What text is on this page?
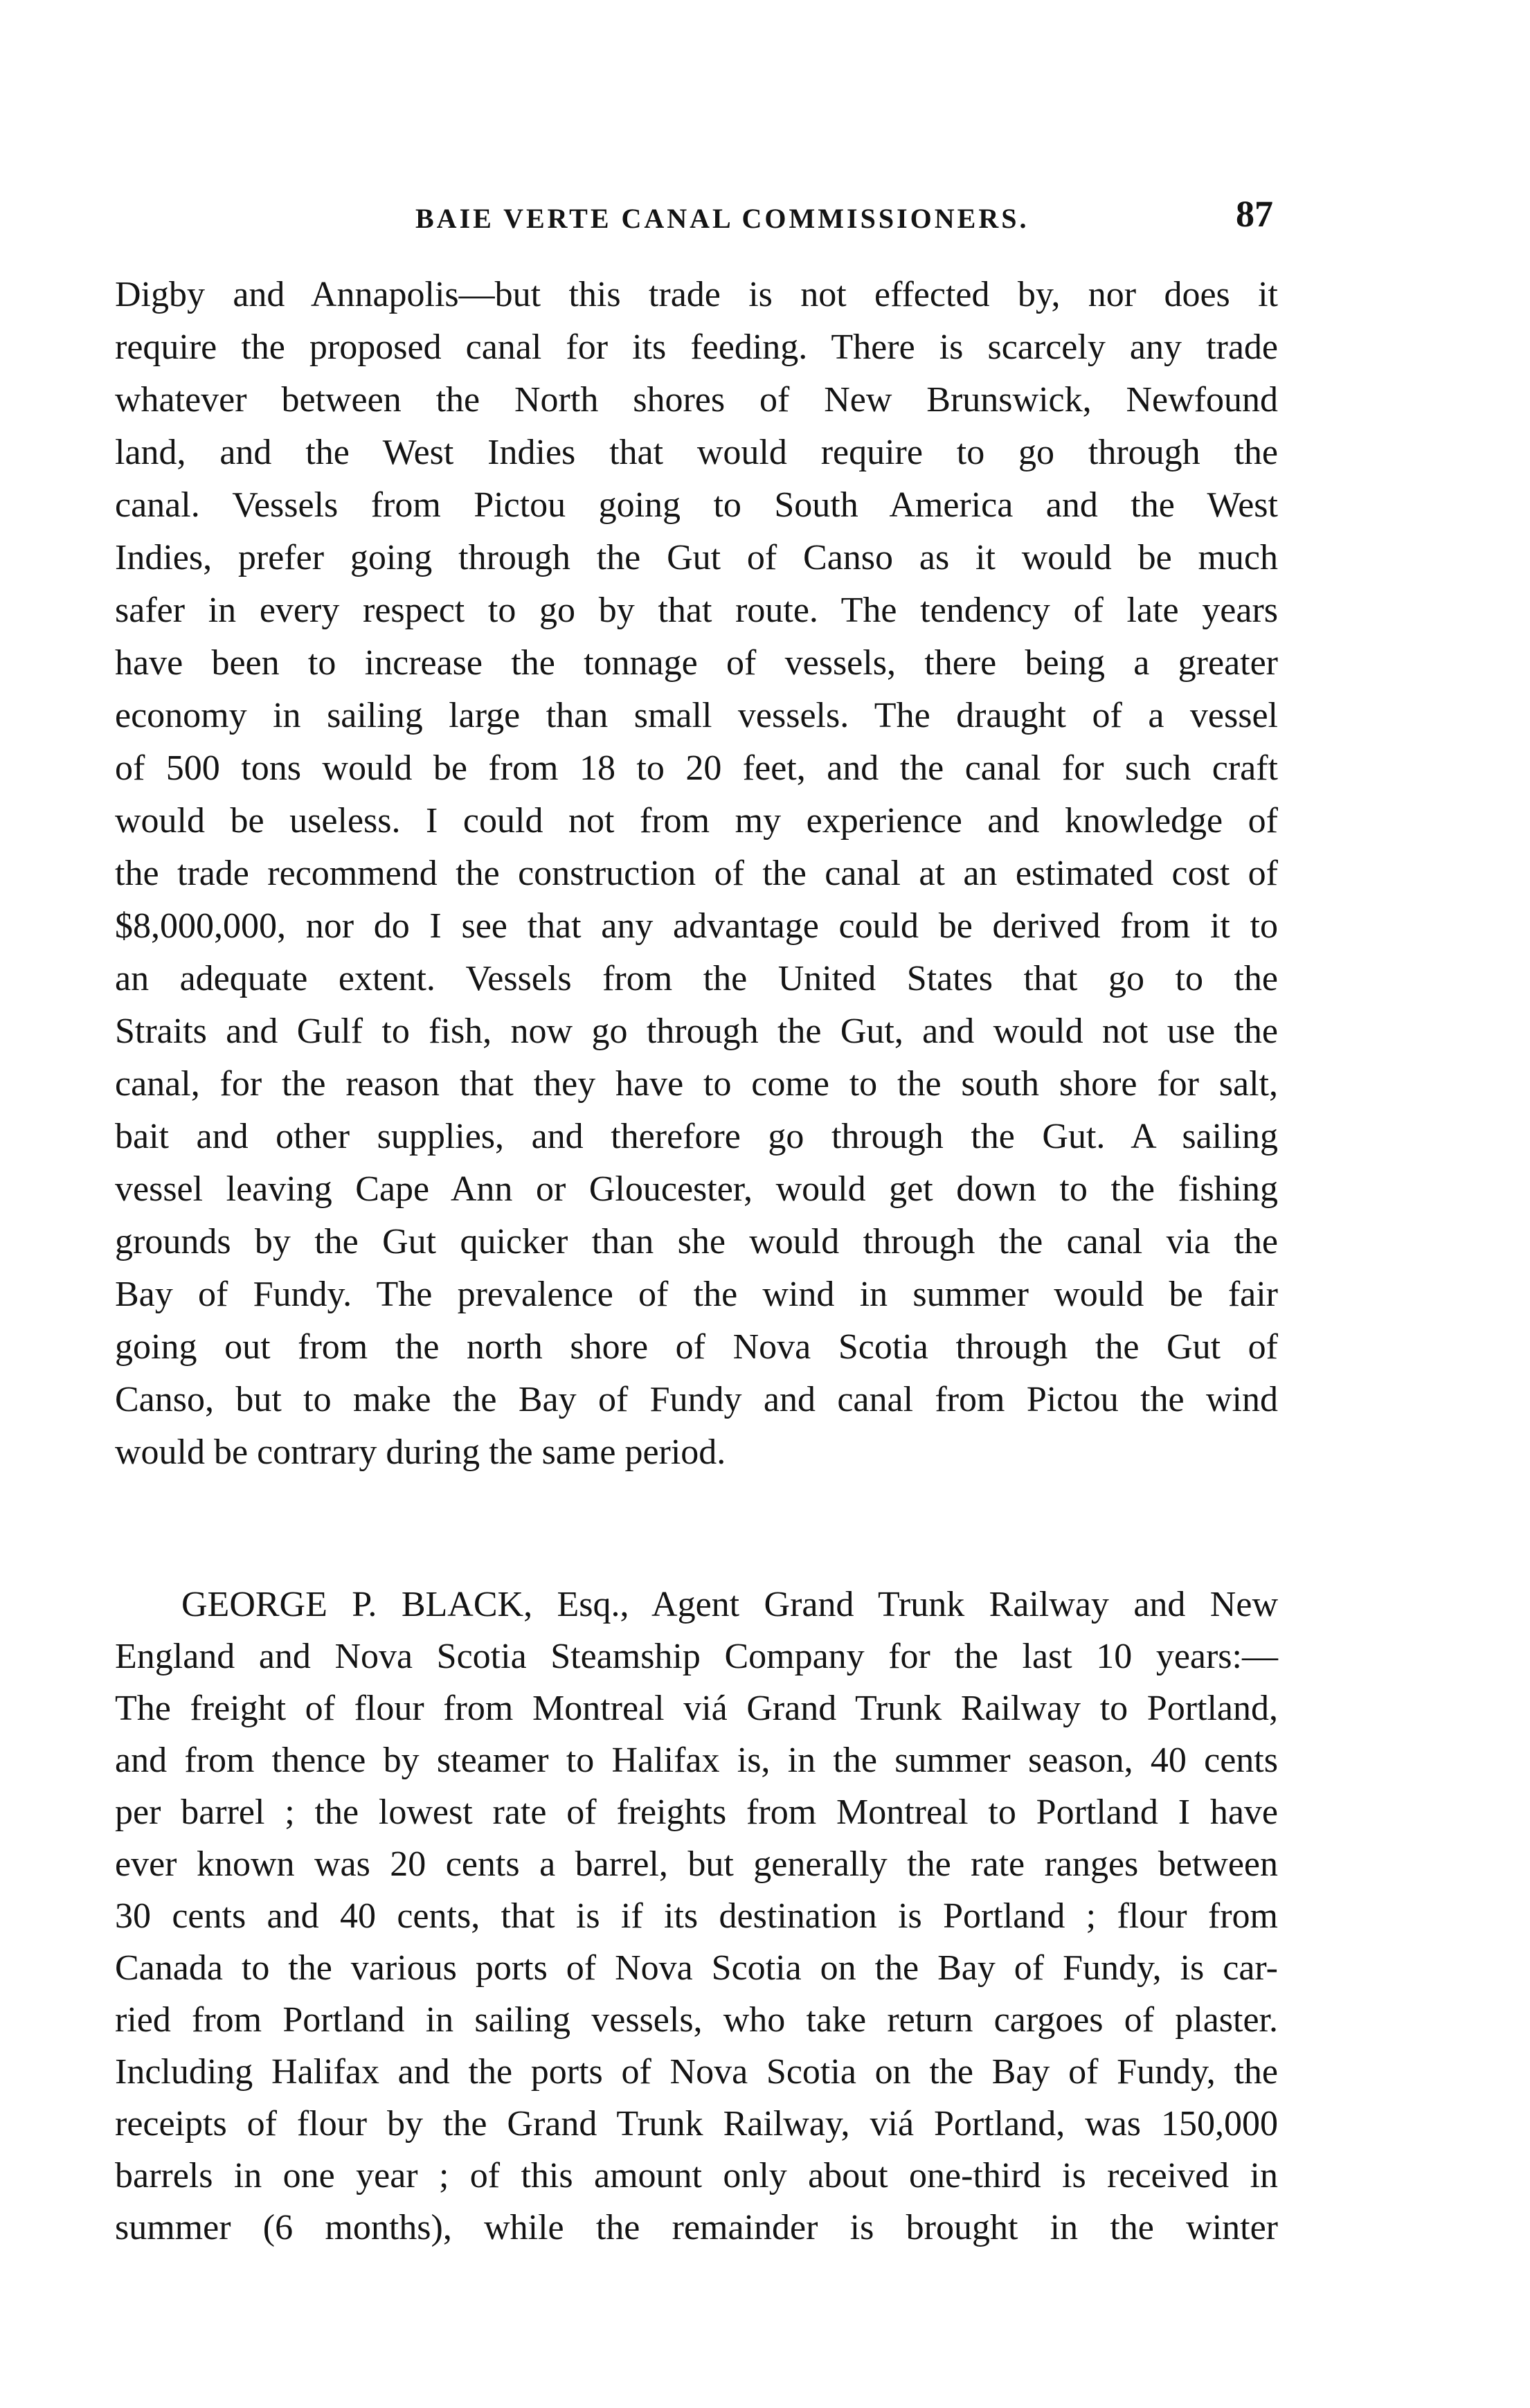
BAIE VERTE CANAL COMMISSIONERS.	87
Digby and Annapolis—but this trade is not effected by, nor does it
require the proposed canal for its feeding. There is scarcely any trade
whatever between the North shores of New Brunswick, Newfound
land, and the West Indies that would require to go through the
canal. Vessels from Pictou going to South America and the West
Indies, prefer going through the Gut of Canso as it would be much
safer in every respect to go by that route. The tendency of late years
have been to increase the tonnage of vessels, there being a greater
economy in sailing large than small vessels. The draught of a vessel
of 500 tons would be from 18 to 20 feet, and the canal for such craft
would be useless. I could not from my experience and knowledge of
the trade recommend the construction of the canal at an estimated cost of
$8,000,000, nor do I see that any advantage could be derived from it to
an adequate extent. Vessels from the United States that go to the
Straits and Gulf to fish, now go through the Gut, and would not use the
canal, for the reason that they have to come to the south shore for salt,
bait and other supplies, and therefore go through the Gut. A sailing
vessel leaving Cape Ann or Gloucester, would get down to the fishing
grounds by the Gut quicker than she would through the canal via the
Bay of Fundy. The prevalence of the wind in summer would be fair
going out from the north shore of Nova Scotia through the Gut of
Canso, but to make the Bay of Fundy and canal from Pictou the wind
would be contrary during the same period.
GEORGE P. BLACK, Esq., Agent Grand Trunk Railway and New
England and Nova Scotia Steamship Company for the last 10 years:—
The freight of flour from Montreal viá Grand Trunk Railway to Portland,
and from thence by steamer to Halifax is, in the summer season, 40 cents
per barrel ; the lowest rate of freights from Montreal to Portland I have
ever known was 20 cents a barrel, but generally the rate ranges between
30 cents and 40 cents, that is if its destination is Portland ; flour from
Canada to the various ports of Nova Scotia on the Bay of Fundy, is car-
ried from Portland in sailing vessels, who take return cargoes of plaster.
Including Halifax and the ports of Nova Scotia on the Bay of Fundy, the
receipts of flour by the Grand Trunk Railway, viá Portland, was 150,000
barrels in one year ; of this amount only about one-third is received in
summer (6 months), while the remainder is brought in the winter
